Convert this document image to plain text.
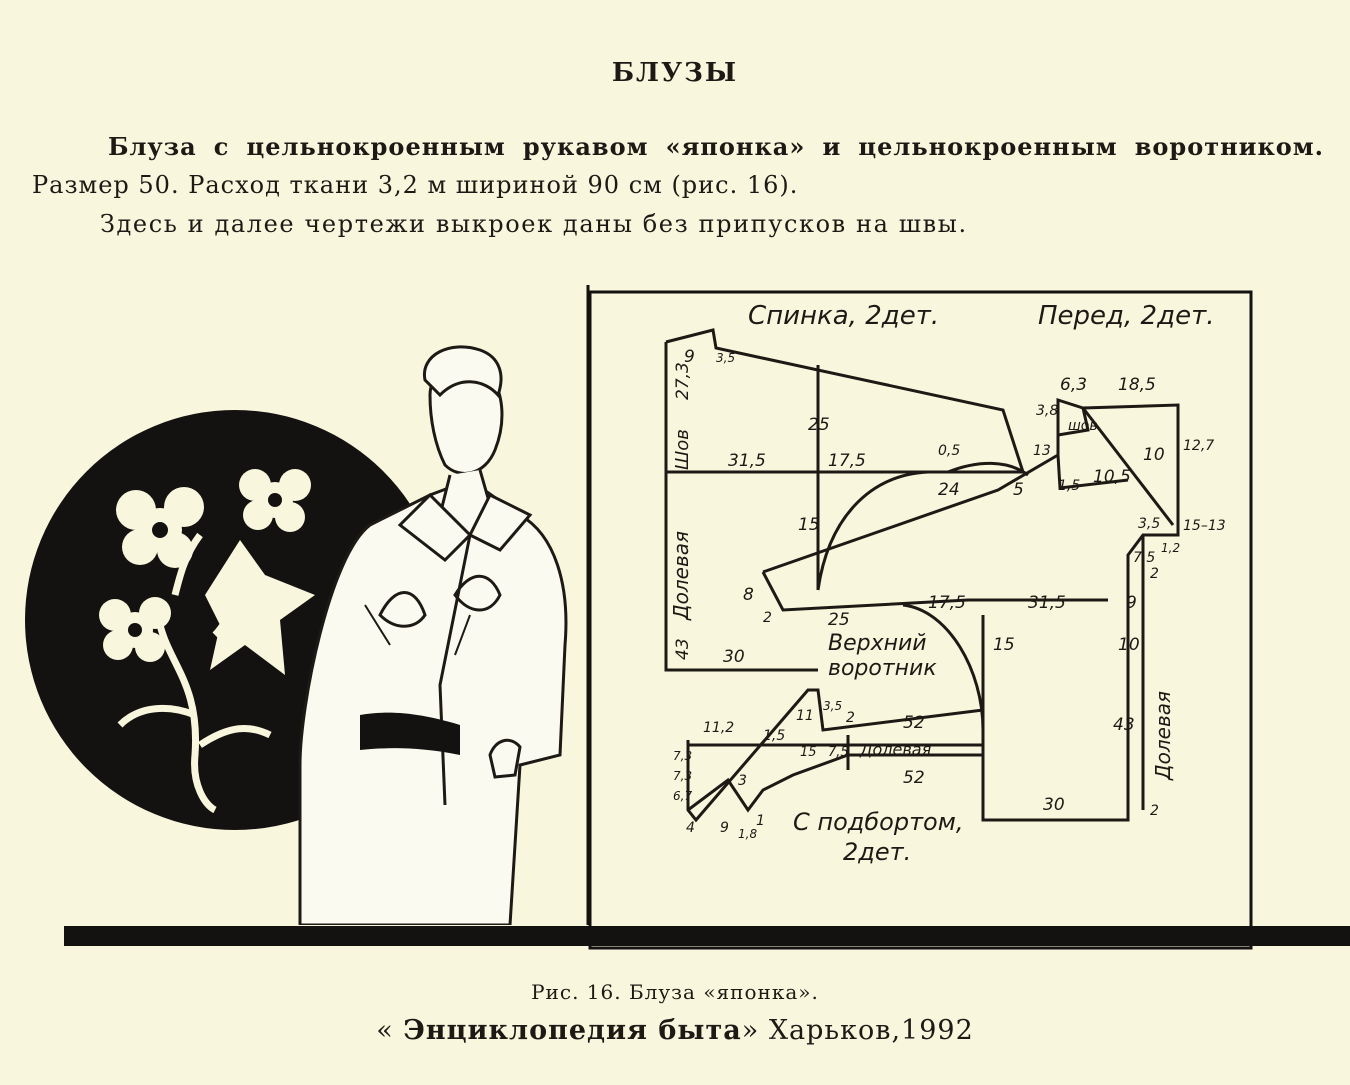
БЛУЗЫ
Блуза с цельнокроенным рукавом «японка» и цельнокроенным воротником. Размер 50. Расход ткани 3,2 м шириной 90 см (рис. 16).
Здесь и далее чертежи выкроек даны без припусков на швы.
Спинка, 2дет.	Перед, 2дет.
Верхний
воротник
С подбортом,
2дет.
Шов
шов
Долевая
Долевая
Долевая
27,3
9 3,5
25
31,5	17,5	0,5
24	5
13
3,8
6,3 18,5
12,7
10
1,5 10,5
15–13
3,5
1,2
15
7,5
2
8
2
17,5	31,5	9
43 30
25
15	10
43
30	2
52
52
11,2 1,5
11
3,5
2
7,3
6,7
4 9 1,8
3
1
15 7,5
7,3
Рис. 16. Блуза «японка».
« Энциклопедия быта» Харьков,1992
